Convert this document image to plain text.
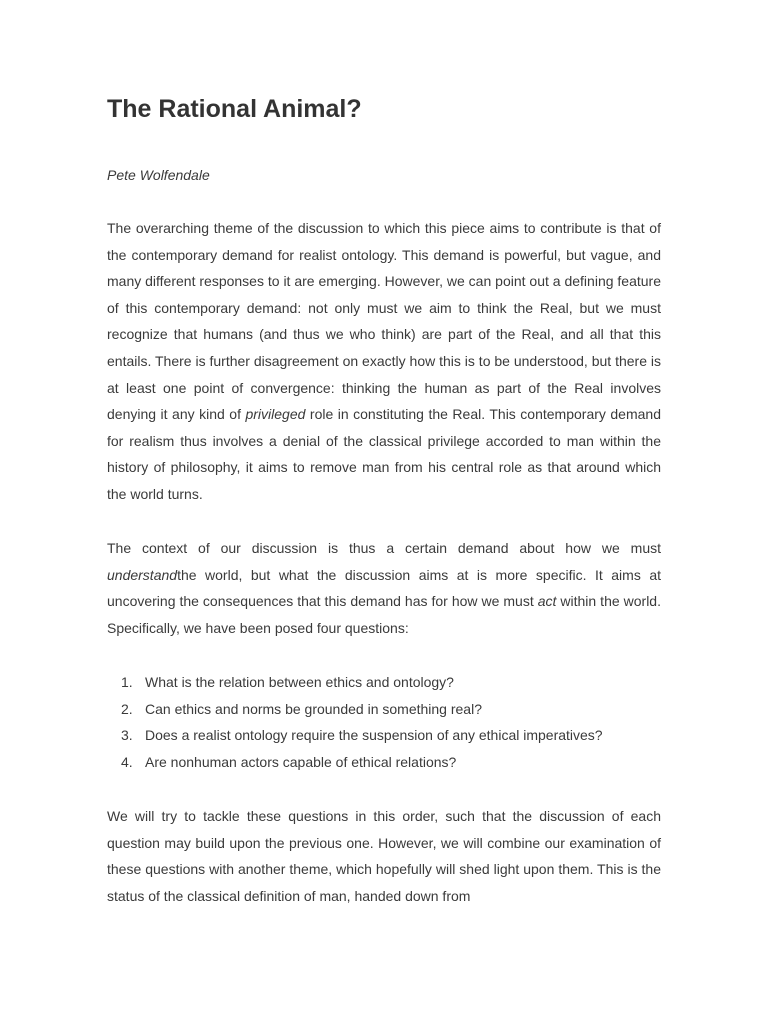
The Rational Animal?

Pete Wolfendale

The overarching theme of the discussion to which this piece aims to contribute is that of the contemporary demand for realist ontology. This demand is powerful, but vague, and many different responses to it are emerging. However, we can point out a defining feature of this contemporary demand: not only must we aim to think the Real, but we must recognize that humans (and thus we who think) are part of the Real, and all that this entails. There is further disagreement on exactly how this is to be understood, but there is at least one point of convergence: thinking the human as part of the Real involves denying it any kind of privileged role in constituting the Real. This contemporary demand for realism thus involves a denial of the classical privilege accorded to man within the history of philosophy, it aims to remove man from his central role as that around which the world turns.

The context of our discussion is thus a certain demand about how we must understandthe world, but what the discussion aims at is more specific. It aims at uncovering the consequences that this demand has for how we must act within the world. Specifically, we have been posed four questions:

1. What is the relation between ethics and ontology?
2. Can ethics and norms be grounded in something real?
3. Does a realist ontology require the suspension of any ethical imperatives?
4. Are nonhuman actors capable of ethical relations?

We will try to tackle these questions in this order, such that the discussion of each question may build upon the previous one. However, we will combine our examination of these questions with another theme, which hopefully will shed light upon them. This is the status of the classical definition of man, handed down from
